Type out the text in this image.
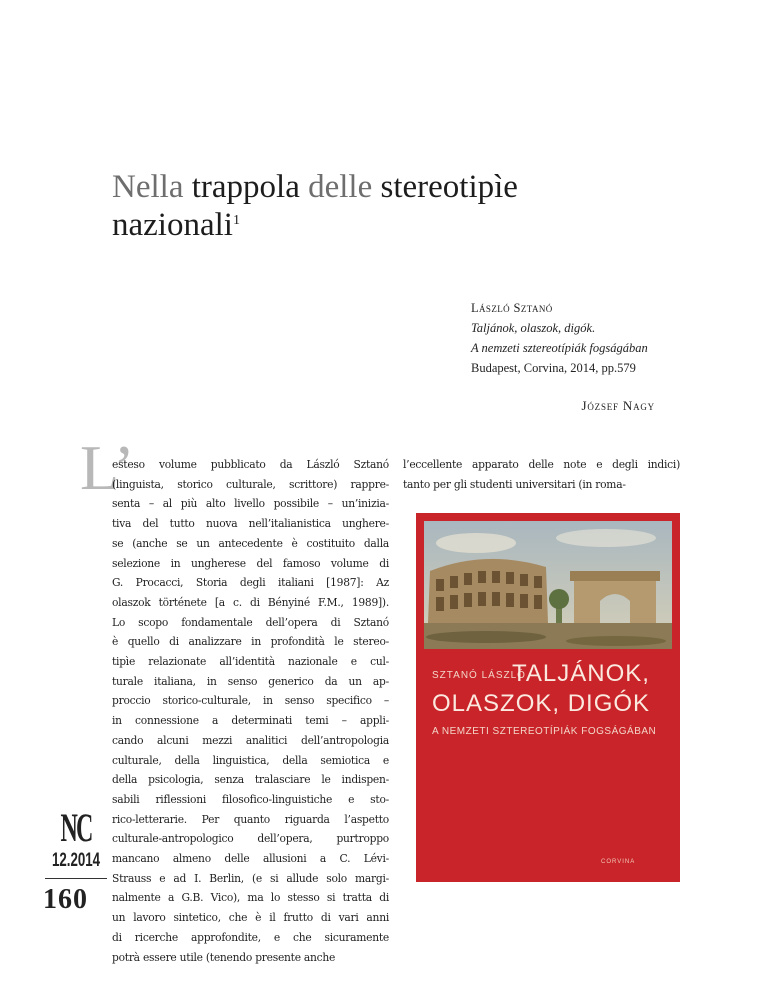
Nella trappola delle stereotipìe
nazionali$^1$
László Sztanó
Taljánok, olaszok, digók.
A nemzeti sztereotípiák fogságában
Budapest, Corvina, 2014, pp.579
József Nagy
L’
esteso volume pubblicato da László Sztanó
(linguista, storico culturale, scrittore) rappre-
senta – al più alto livello possibile – un’inizia-
tiva del tutto nuova nell’italianistica unghere-
se (anche se un antecedente è costituito dalla
selezione in ungherese del famoso volume di
G. Procacci, Storia degli italiani [1987]: Az
olaszok története [a c. di Bényiné F.M., 1989]).
Lo scopo fondamentale dell’opera di Sztanó
è quello di analizzare in profondità le stereo-
tipìe relazionate all’identità nazionale e cul-
turale italiana, in senso generico da un ap-
proccio storico-culturale, in senso specifico –
in connessione a determinati temi – appli-
cando alcuni mezzi analitici dell’antropologia
culturale, della linguistica, della semiotica e
della psicologia, senza tralasciare le indispen-
sabili riflessioni filosofico-linguistiche e sto-
rico-letterarie. Per quanto riguarda l’aspetto
culturale-antropologico dell’opera, purtroppo
mancano almeno delle allusioni a C. Lévi-
Strauss e ad I. Berlin, (e si allude solo margi-
nalmente a G.B. Vico), ma lo stesso si tratta di
un lavoro sintetico, che è il frutto di vari anni
di ricerche approfondite, e che sicuramente
potrà essere utile (tenendo presente anche
l’eccellente apparato delle note e degli indici)
tanto per gli studenti universitari (in roma-
SZTANÓ LÁSZLÓ
TALJÁNOK,
OLASZOK, DIGÓK
A NEMZETI SZTEREOTÍPIÁK FOGSÁGÁBAN
CORVINA
NC
12.2014
160
